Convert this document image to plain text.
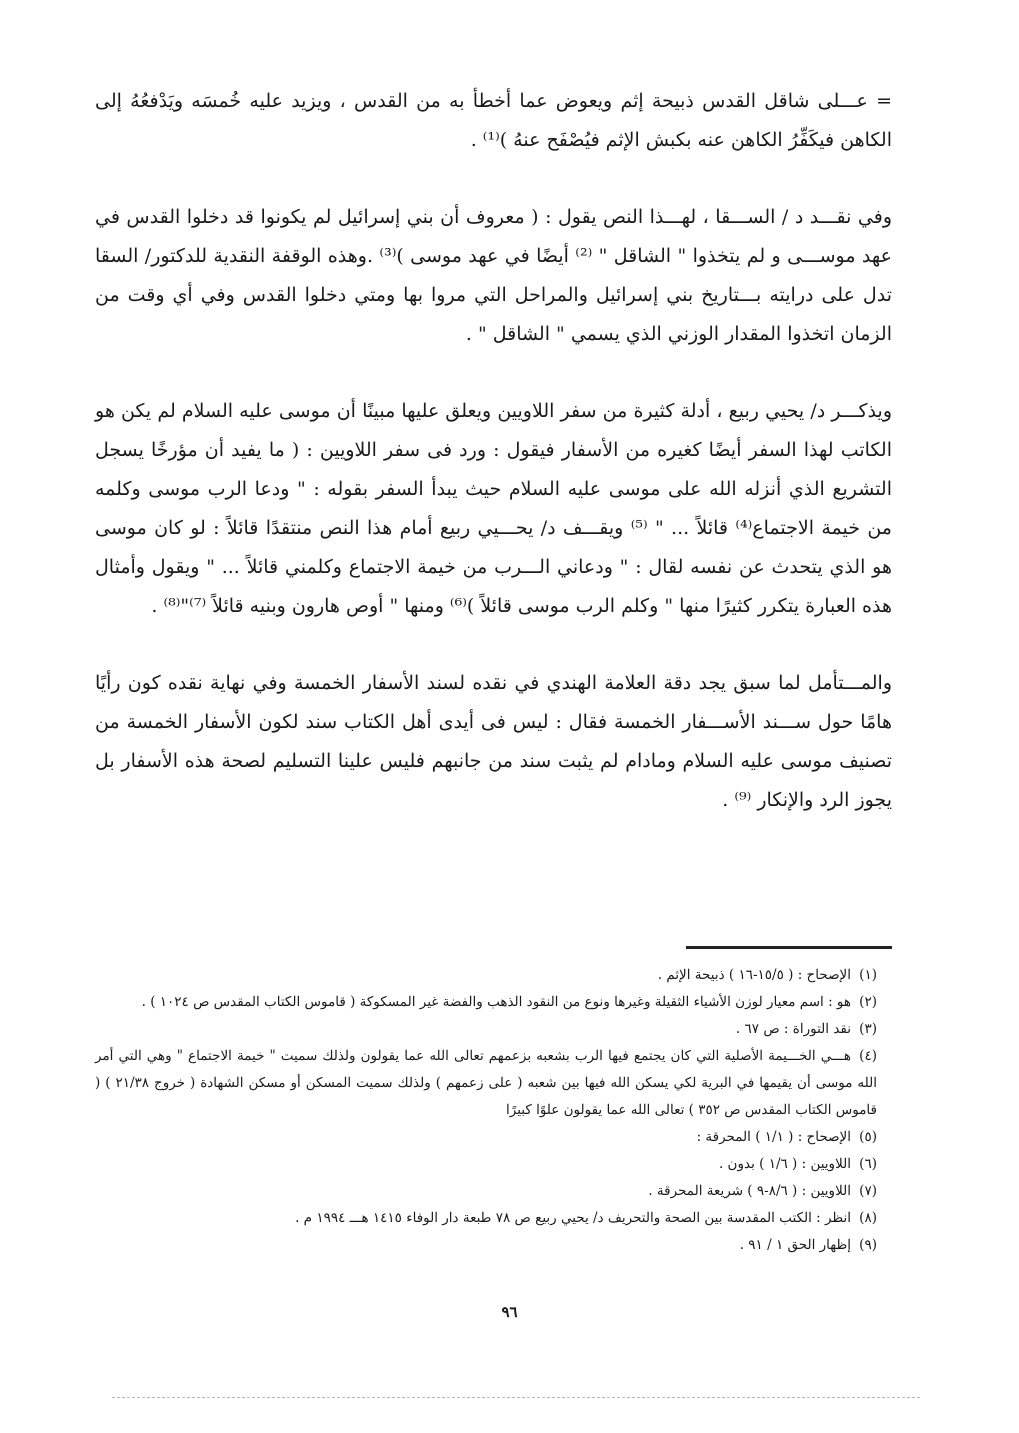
= عـــلى شاقل القدس ذبيحة إثم ويعوض عما أخطأ به من القدس ، ويزيد عليه خُمسَه ويَدْفعُهُ إلى الكاهن فيكَفِّرُ الكاهن عنه بكبش الإثم فيُصْفَح عنهُ )⁽¹⁾ .

وفي نقـــد د / الســـقا ، لهـــذا النص يقول : ( معروف أن بني إسرائيل لم يكونوا قد دخلوا القدس في عهد موســـى و لم يتخذوا " الشاقل " ⁽²⁾ أيضًا في عهد موسى )⁽³⁾ .وهذه الوقفة النقدية للدكتور/ السقا تدل على درايته بـــتاريخ بني إسرائيل والمراحل التي مروا بها ومتي دخلوا القدس وفي أي وقت من الزمان اتخذوا المقدار الوزني الذي يسمي " الشاقل " .

ويذكـــر د/ يحيي ربيع ، أدلة كثيرة من سفر اللاويين ويعلق عليها مبينًا أن موسى عليه السلام لم يكن هو الكاتب لهذا السفر أيضًا كغيره من الأسفار فيقول : ورد فى سفر اللاويين : ( ما يفيد أن مؤرخًا يسجل التشريع الذي أنزله الله على موسى عليه السلام حيث يبدأ السفر بقوله : " ودعا الرب موسى وكلمه من خيمة الاجتماع⁽⁴⁾ قائلاً ... " ⁽⁵⁾ ويقـــف د/ يحـــيي ربيع أمام هذا النص منتقدًا قائلاً : لو كان موسى هو الذي يتحدث عن نفسه لقال : " ودعاني الـــرب من خيمة الاجتماع وكلمني قائلاً ... " ويقول وأمثال هذه العبارة يتكرر كثيرًا منها " وكلم الرب موسى قائلاً )⁽⁶⁾ ومنها " أوص هارون وبنيه قائلاً ⁽⁷⁾"⁽⁸⁾ .

والمـــتأمل لما سبق يجد دقة العلامة الهندي في نقده لسند الأسفار الخمسة وفي نهاية نقده كون رأيًا هامًا حول ســـند الأســـفار الخمسة فقال : ليس فى أيدى أهل الكتاب سند لكون الأسفار الخمسة من تصنيف موسى عليه السلام ومادام لم يثبت سند من جانبهم فليس علينا التسليم لصحة هذه الأسفار بل يجوز الرد والإنكار ⁽⁹⁾ .

(١)الإصحاح : ( ١٥/٥-١٦ ) ذبيحة الإثم .
(٢)هو : اسم معيار لوزن الأشياء الثقيلة وغيرها ونوع من النقود الذهب والفضة غير المسكوكة ( قاموس الكتاب المقدس ص ١٠٢٤ ) .
(٣)نقد التوراة : ص ٦٧ .
(٤)هـــي الخـــيمة الأصلية التي كان يجتمع فيها الرب بشعبه بزعمهم تعالى الله عما يقولون ولذلك سميت " خيمة الاجتماع " وهي التي أمر الله موسى أن يقيمها في البرية لكي يسكن الله فيها بين شعبه ( على زعمهم ) ولذلك سميت المسكن أو مسكن الشهادة ( خروج ٢١/٣٨ ) ( قاموس الكتاب المقدس ص ٣٥٢ ) تعالى الله عما يقولون علوًا كبيرًا
(٥)الإصحاح : ( ١/١ ) المحرقة :
(٦)اللاويين : ( ١/٦ ) بدون .
(٧)اللاويين : ( ٨/٦-٩ ) شريعة المحرقة .
(٨)انظر : الكتب المقدسة بين الصحة والتحريف د/ يحيي ربيع ص ٧٨ طبعة دار الوفاء ١٤١٥ هـــ ١٩٩٤ م .
(٩)إظهار الحق ١ / ٩١ .
٩٦
